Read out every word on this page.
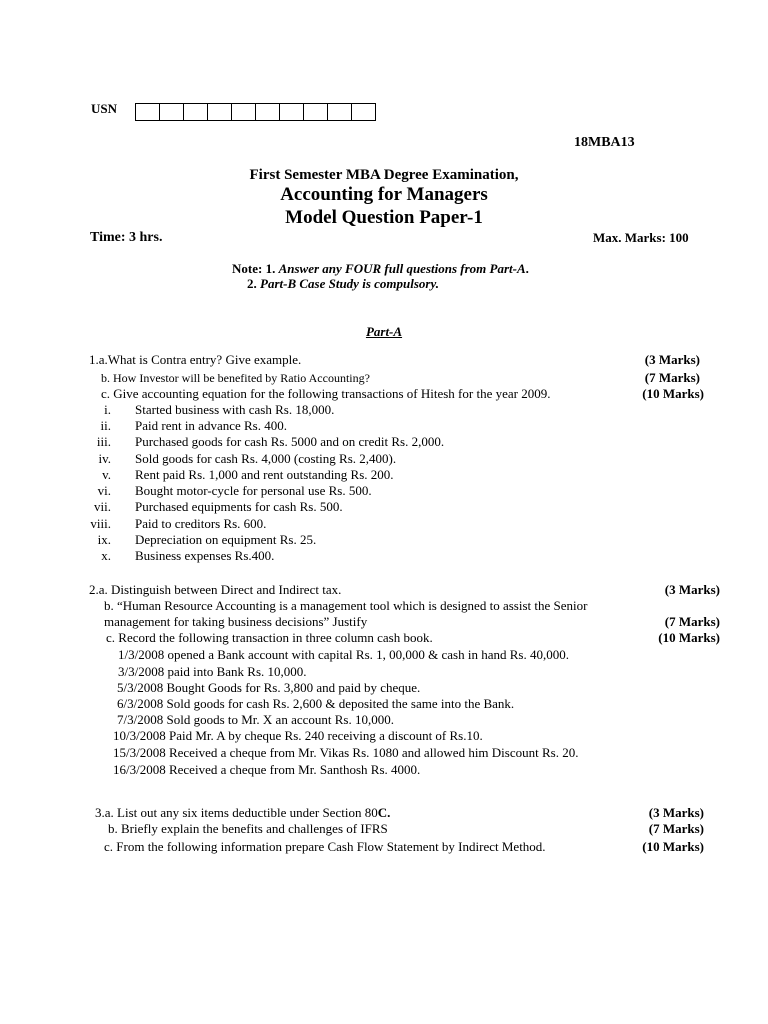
USN
18MBA13
First Semester MBA Degree Examination,
Accounting for Managers
Model Question Paper-1
Time: 3 hrs.	Max. Marks: 100
Note: 1. Answer any FOUR full questions from Part-A.
2. Part-B Case Study is compulsory.
Part-A
1.a.What is Contra entry? Give example.	(3 Marks)
b. How Investor will be benefited by Ratio Accounting?	(7 Marks)
c. Give accounting equation for the following transactions of Hitesh for the year 2009.	(10 Marks)
i. Started business with cash Rs. 18,000.
ii. Paid rent in advance Rs. 400.
iii. Purchased goods for cash Rs. 5000 and on credit Rs. 2,000.
iv. Sold goods for cash Rs. 4,000 (costing Rs. 2,400).
v. Rent paid Rs. 1,000 and rent outstanding Rs. 200.
vi. Bought motor-cycle for personal use Rs. 500.
vii. Purchased equipments for cash Rs. 500.
viii. Paid to creditors Rs. 600.
ix. Depreciation on equipment Rs. 25.
x. Business expenses Rs.400.
2.a. Distinguish between Direct and Indirect tax.	(3 Marks)
b. “Human Resource Accounting is a management tool which is designed to assist the Senior
management for taking business decisions” Justify	(7 Marks)
c. Record the following transaction in three column cash book.	(10 Marks)
1/3/2008 opened a Bank account with capital Rs. 1, 00,000 & cash in hand Rs. 40,000.
3/3/2008 paid into Bank Rs. 10,000.
5/3/2008 Bought Goods for Rs. 3,800 and paid by cheque.
6/3/2008 Sold goods for cash Rs. 2,600 & deposited the same into the Bank.
7/3/2008 Sold goods to Mr. X an account Rs. 10,000.
10/3/2008 Paid Mr. A by cheque Rs. 240 receiving a discount of Rs.10.
15/3/2008 Received a cheque from Mr. Vikas Rs. 1080 and allowed him Discount Rs. 20.
16/3/2008 Received a cheque from Mr. Santhosh Rs. 4000.
3.a. List out any six items deductible under Section 80C.	(3 Marks)
b. Briefly explain the benefits and challenges of IFRS	(7 Marks)
c. From the following information prepare Cash Flow Statement by Indirect Method.	(10 Marks)
